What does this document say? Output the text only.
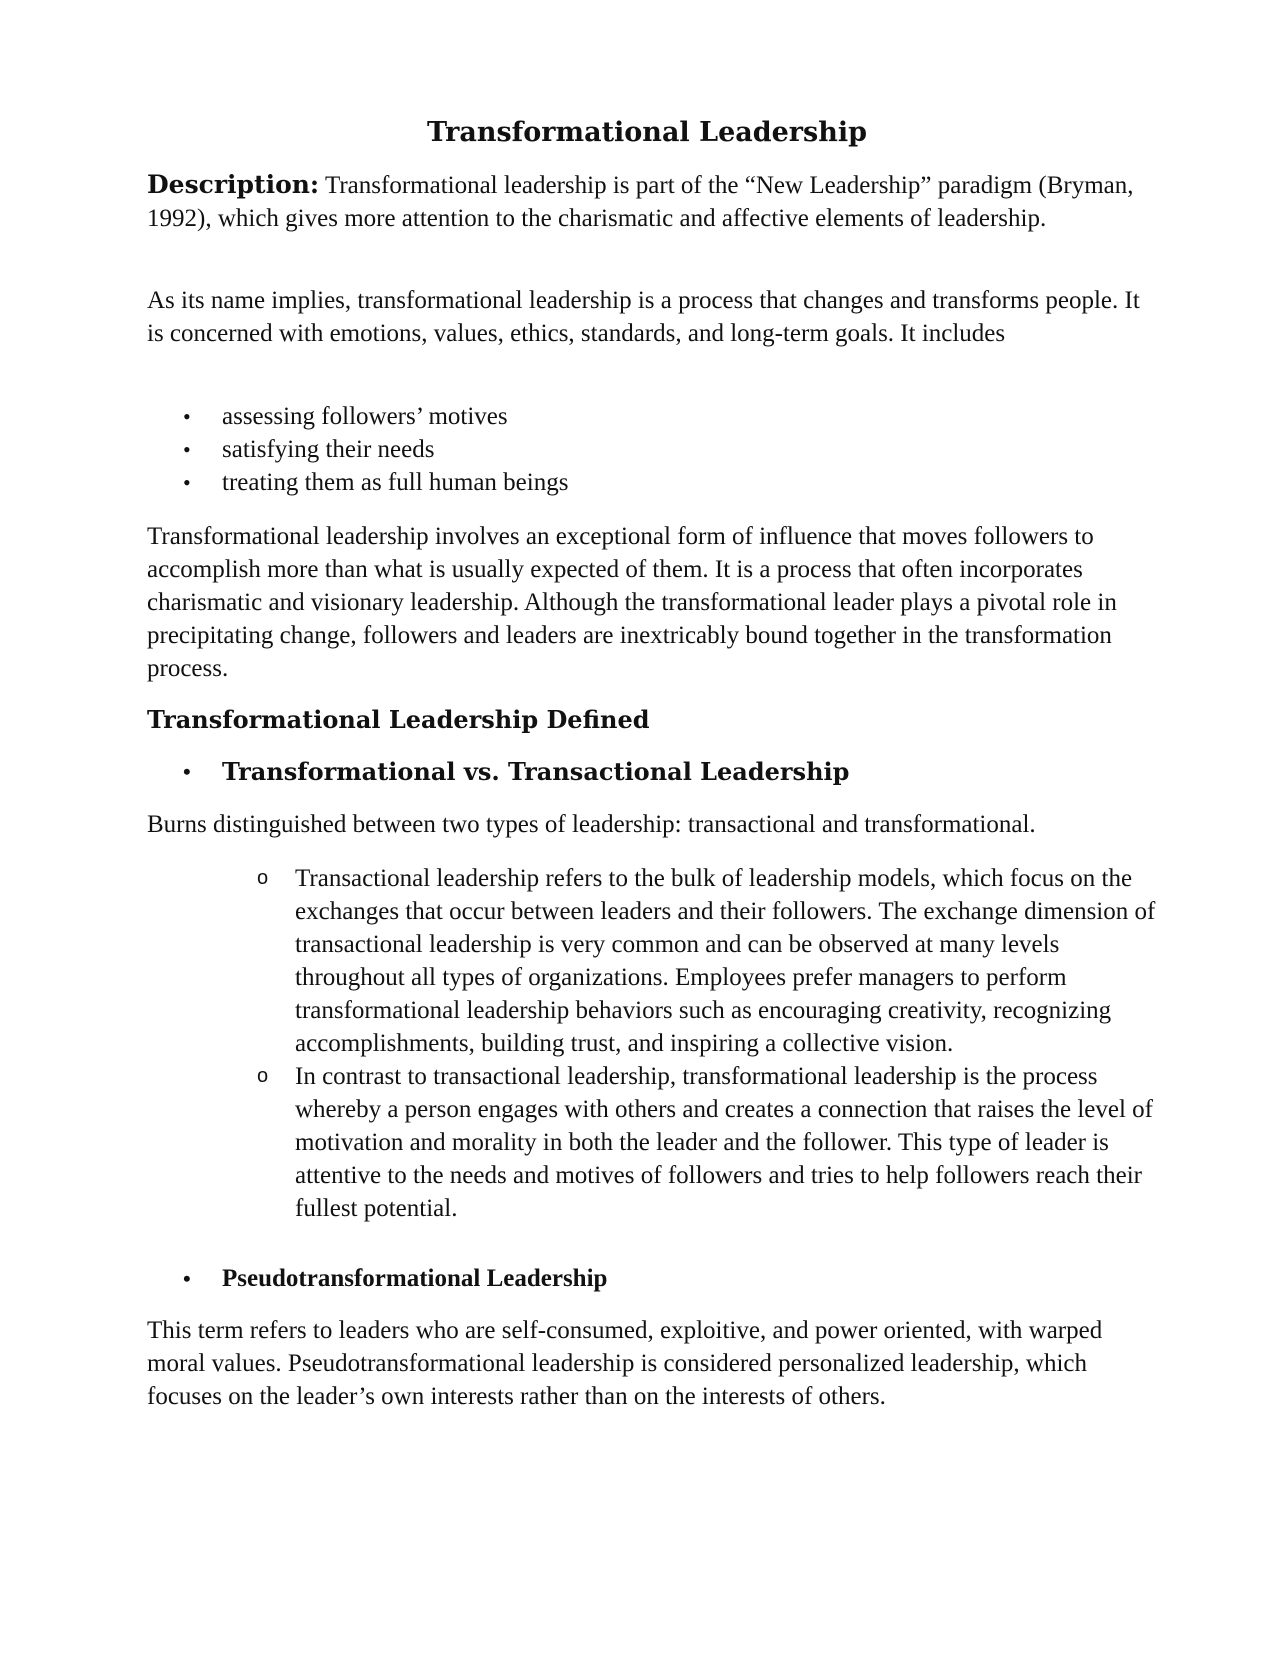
Transformational Leadership

Description: Transformational leadership is part of the “New Leadership” paradigm (Bryman, 1992), which gives more attention to the charismatic and affective elements of leadership.

As its name implies, transformational leadership is a process that changes and transforms people. It is concerned with emotions, values, ethics, standards, and long-term goals. It includes

• assessing followers’ motives
• satisfying their needs
• treating them as full human beings

Transformational leadership involves an exceptional form of influence that moves followers to accomplish more than what is usually expected of them. It is a process that often incorporates charismatic and visionary leadership. Although the transformational leader plays a pivotal role in precipitating change, followers and leaders are inextricably bound together in the transformation process.

Transformational Leadership Defined
• Transformational vs. Transactional Leadership

Burns distinguished between two types of leadership: transactional and transformational.

o Transactional leadership refers to the bulk of leadership models, which focus on the exchanges that occur between leaders and their followers. The exchange dimension of transactional leadership is very common and can be observed at many levels throughout all types of organizations. Employees prefer managers to perform transformational leadership behaviors such as encouraging creativity, recognizing accomplishments, building trust, and inspiring a collective vision.
o In contrast to transactional leadership, transformational leadership is the process whereby a person engages with others and creates a connection that raises the level of motivation and morality in both the leader and the follower. This type of leader is attentive to the needs and motives of followers and tries to help followers reach their fullest potential.
• Pseudotransformational Leadership

This term refers to leaders who are self-consumed, exploitive, and power oriented, with warped moral values. Pseudotransformational leadership is considered personalized leadership, which focuses on the leader’s own interests rather than on the interests of others.
